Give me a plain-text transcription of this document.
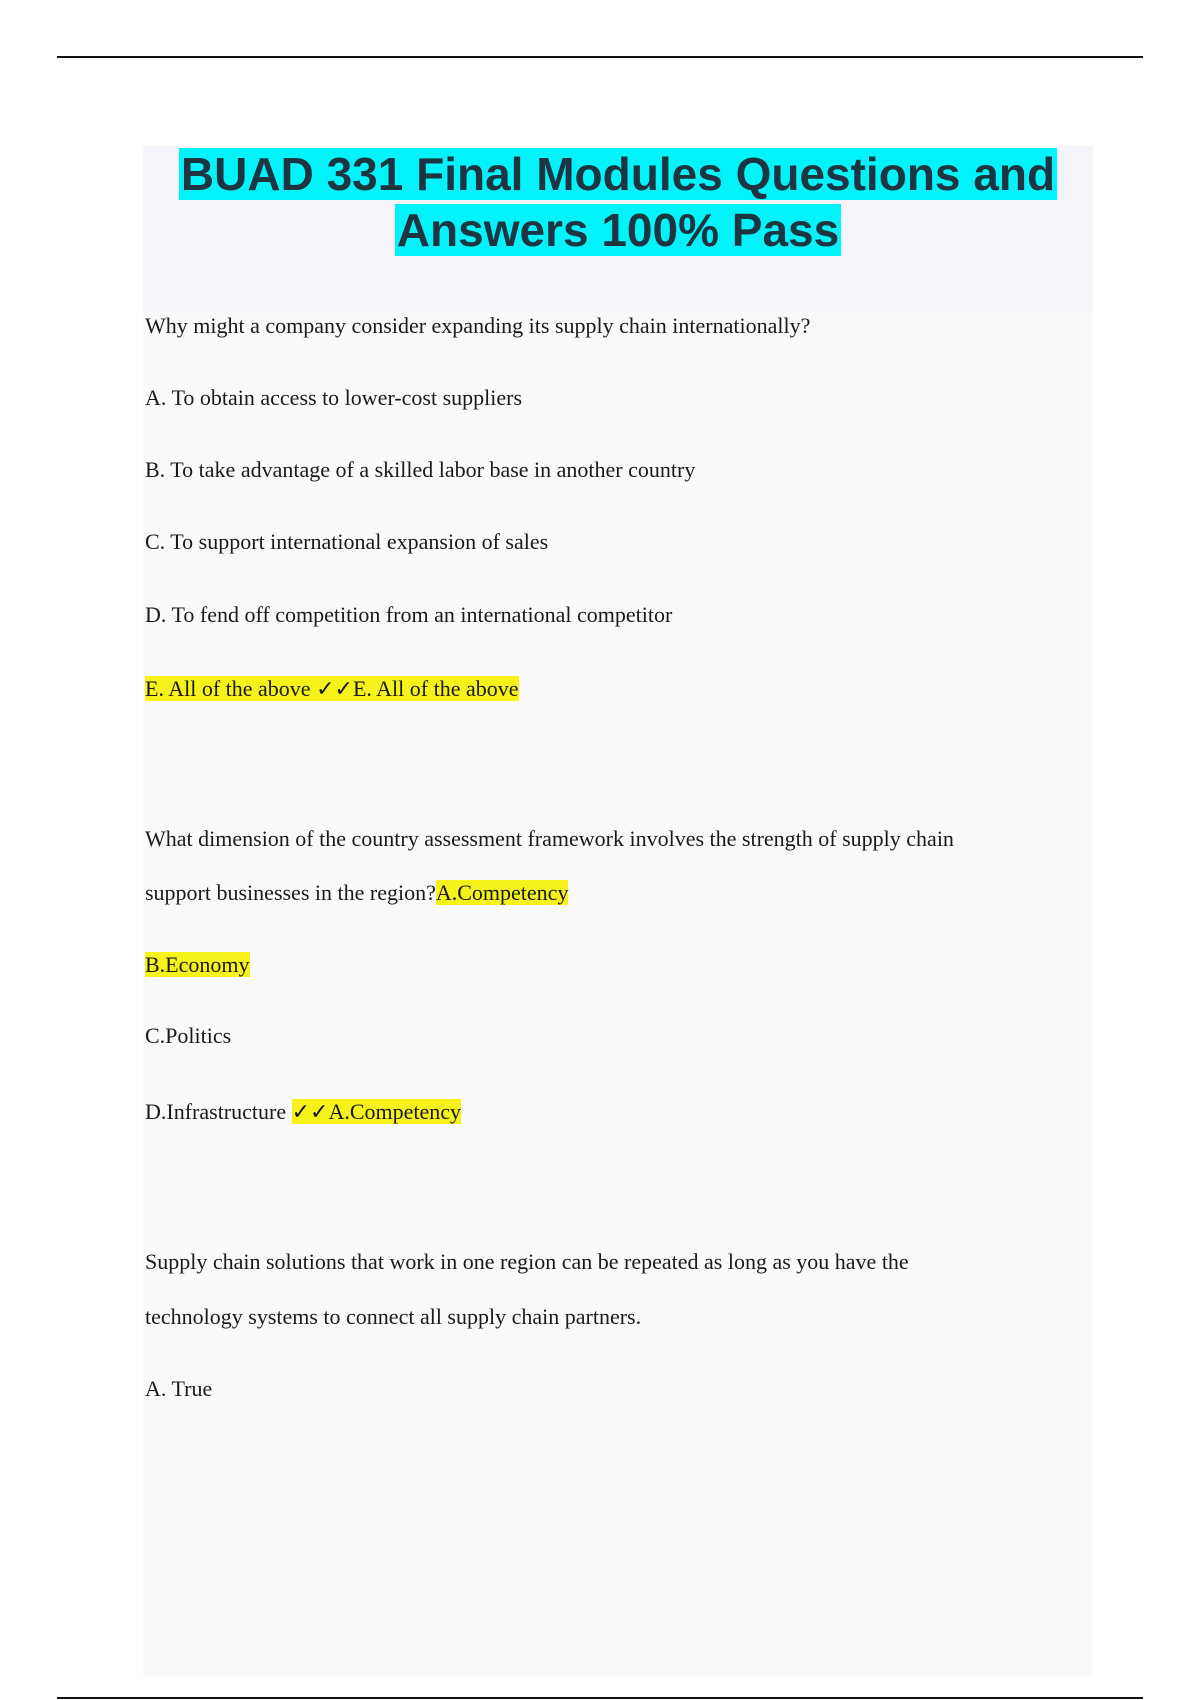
BUAD 331 Final Modules Questions and
Answers 100% Pass
Why might a company consider expanding its supply chain internationally?
A. To obtain access to lower-cost suppliers
B. To take advantage of a skilled labor base in another country
C. To support international expansion of sales
D. To fend off competition from an international competitor
E. All of the above ✓✓E. All of the above
What dimension of the country assessment framework involves the strength of supply chain
support businesses in the region?A.Competency
B.Economy
C.Politics
D.Infrastructure ✓✓A.Competency
Supply chain solutions that work in one region can be repeated as long as you have the
technology systems to connect all supply chain partners.
A. True
